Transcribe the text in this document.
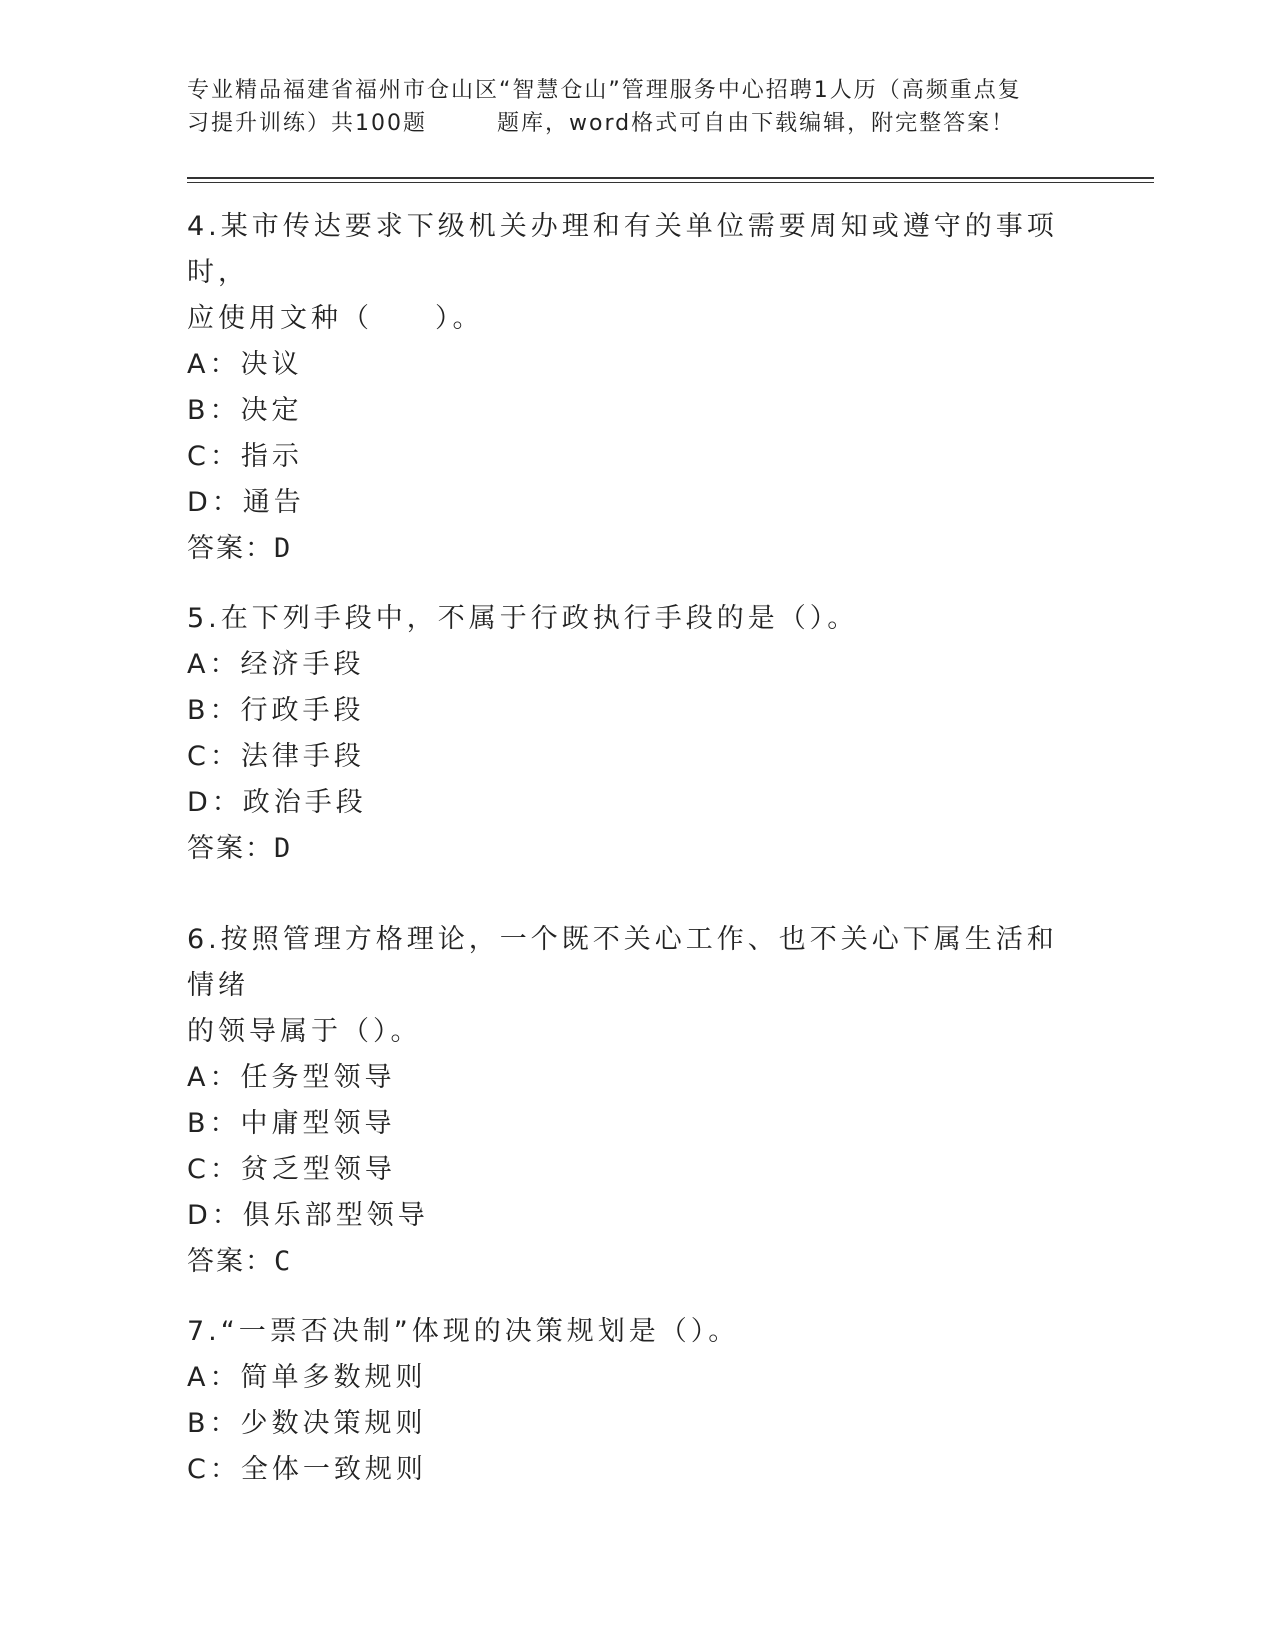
专业精品福建省福州市仓山区“智慧仓山”管理服务中心招聘1人历（高频重点复
习提升训练）共100题	题库，word格式可自由下载编辑，附完整答案！
4.某市传达要求下级机关办理和有关单位需要周知或遵守的事项时，
应使用文种（　　）。
A：决议
B：决定
C：指示
D：通告
答案：D
5.在下列手段中，不属于行政执行手段的是（）。
A：经济手段
B：行政手段
C：法律手段
D：政治手段
答案：D
6.按照管理方格理论，一个既不关心工作、也不关心下属生活和情绪
的领导属于（）。
A：任务型领导
B：中庸型领导
C：贫乏型领导
D：俱乐部型领导
答案：C
7.“一票否决制”体现的决策规划是（）。
A：简单多数规则
B：少数决策规则
C：全体一致规则
